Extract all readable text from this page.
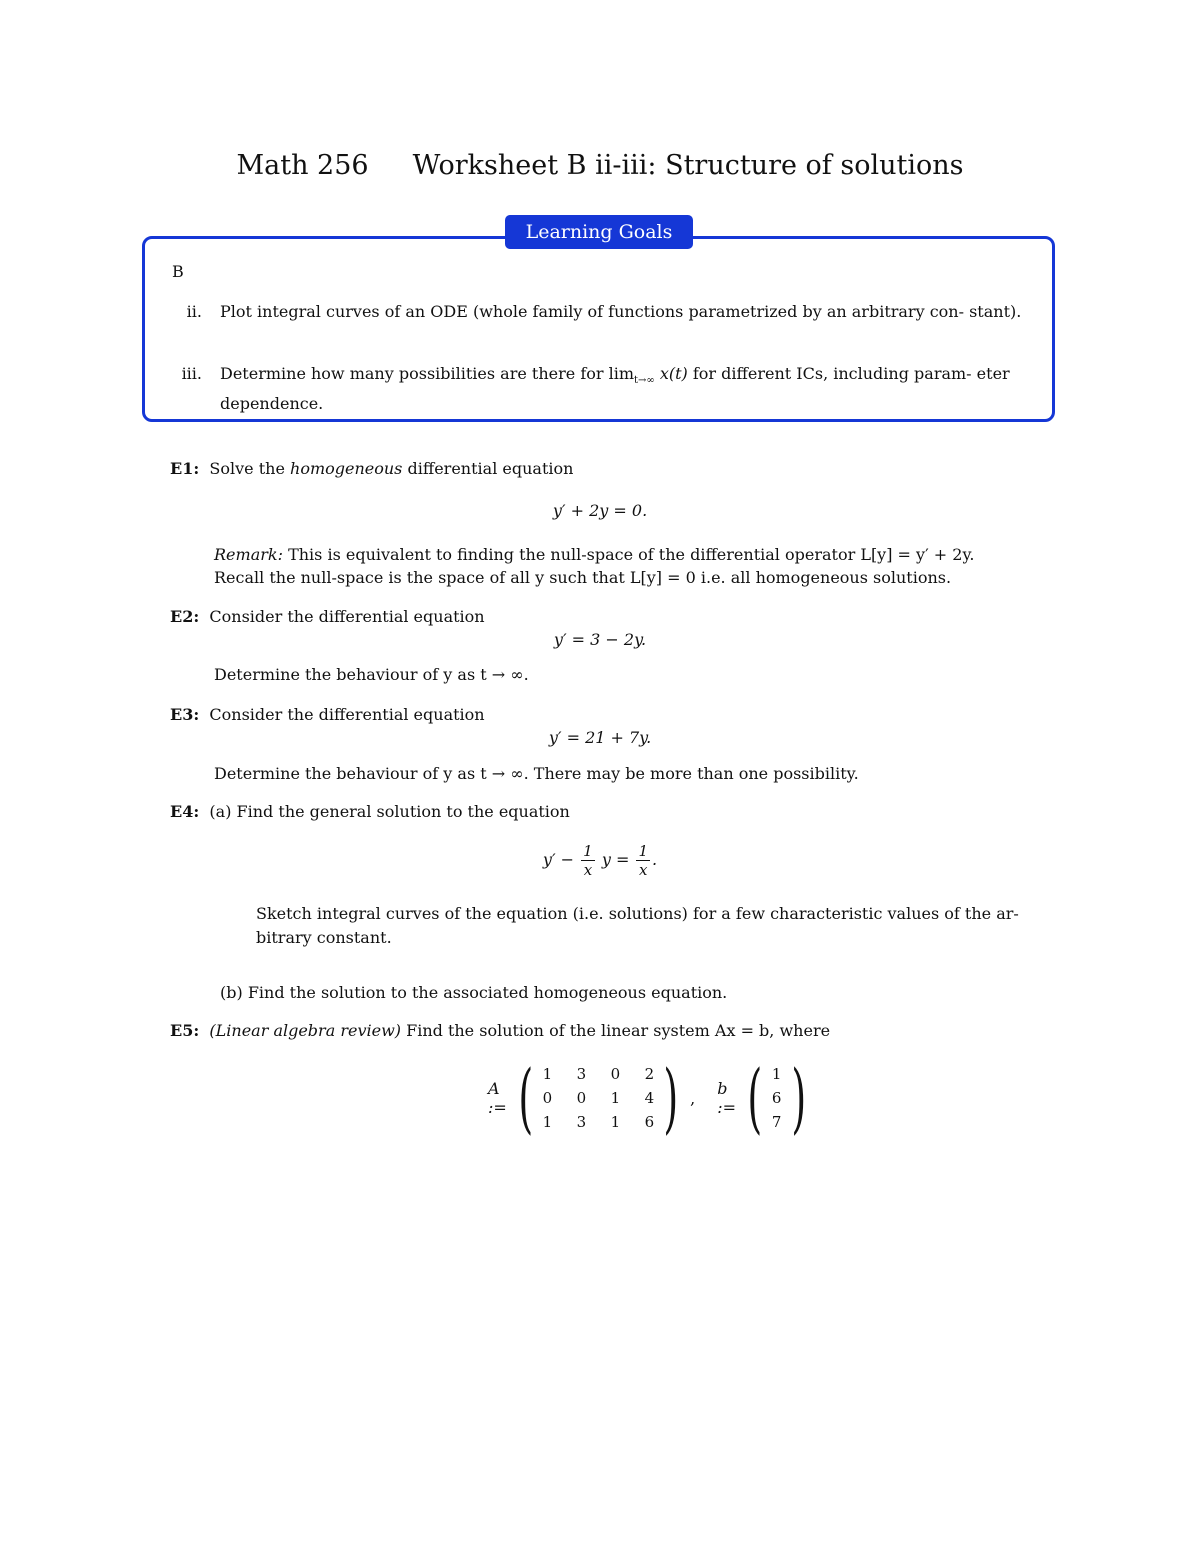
Math 256 Worksheet B ii-iii: Structure of solutions
Learning Goals
B
ii. Plot integral curves of an ODE (whole family of functions parametrized by an arbitrary con- stant).
iii. Determine how many possibilities are there for $\lim_{t\to\infty} x(t)$ for different ICs, including param- eter dependence.
E1: Solve the homogeneous differential equation
y′ + 2y = 0.
Remark: This is equivalent to finding the null-space of the differential operator L[y] = y′ + 2y.
Recall the null-space is the space of all y such that L[y] = 0 i.e. all homogeneous solutions.
E2: Consider the differential equation
y′ = 3 − 2y.
Determine the behaviour of y as t → ∞.
E3: Consider the differential equation
y′ = 21 + 7y.
Determine the behaviour of y as t → ∞. There may be more than one possibility.
E4: (a) Find the general solution to the equation
$y' - \frac{1}{x}$ $y = \frac{1}{x}$ .
Sketch integral curves of the equation (i.e. solutions) for a few characteristic values of the ar-
bitrary constant.
(b) Find the solution to the associated homogeneous equation.
E5: (Linear algebra review) Find the solution of the linear system Ax = b, where
A := ( 1 3 0 2
0 0 1 4
1 3 1 6 ) , b := ( 1
6
7 )
